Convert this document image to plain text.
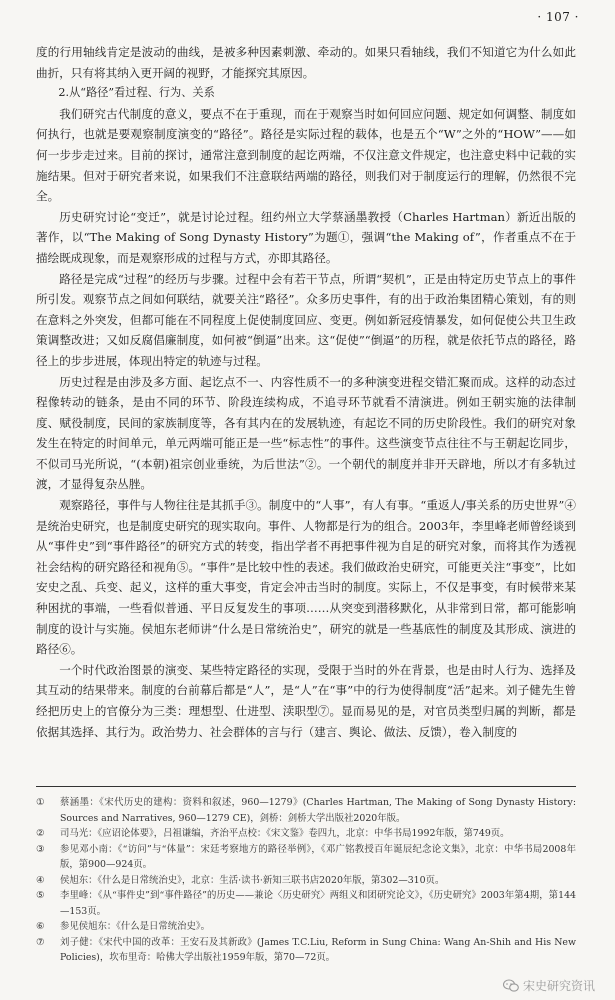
· 107 ·

度的行用轴线肯定是波动的曲线，是被多种因素刺激、牵动的。如果只看轴线，我们不知道它为什么如此曲折，只有将其纳入更开阔的视野，才能探究其原因。

2.从“路径”看过程、行为、关系

我们研究古代制度的意义，要点不在于重现，而在于观察当时如何回应问题、规定如何调整、制度如何执行，也就是要观察制度演变的“路径”。路径是实际过程的载体，也是五个“W”之外的“HOW”——如何一步步走过来。目前的探讨，通常注意到制度的起讫两端，不仅注意文件规定，也注意史料中记载的实施结果。但对于研究者来说，如果我们不注意联结两端的路径，则我们对于制度运行的理解，仍然很不完全。

历史研究讨论“变迁”，就是讨论过程。纽约州立大学蔡涵墨教授（Charles Hartman）新近出版的著作，以“The Making of Song Dynasty History”为题①，强调“the Making of”，作者重点不在于描绘既成现象，而是观察形成的过程与方式，亦即其路径。

路径是完成“过程”的经历与步骤。过程中会有若干节点，所谓“契机”，正是由特定历史节点上的事件所引发。观察节点之间如何联结，就要关注“路径”。众多历史事件，有的出于政治集团精心策划，有的则在意料之外突发，但都可能在不同程度上促使制度回应、变更。例如新冠疫情暴发，如何促使公共卫生政策调整改进；又如反腐倡廉制度，如何被“倒逼”出来。这“促使”“倒逼”的历程，就是依托节点的路径，路径上的步步进展，体现出特定的轨迹与过程。

历史过程是由涉及多方面、起讫点不一、内容性质不一的多种演变进程交错汇聚而成。这样的动态过程像转动的链条，是由不同的环节、阶段连续构成，不追寻环节就看不清演进。例如王朝实施的法律制度、赋役制度，民间的家族制度等，各有其内在的发展轨迹，有起讫不同的历史阶段性。我们的研究对象发生在特定的时间单元，单元两端可能正是一些“标志性”的事件。这些演变节点往往不与王朝起讫同步，不似司马光所说，“(本朝)祖宗创业垂统，为后世法”②。一个朝代的制度并非开天辟地，所以才有多轨过渡，才显得复杂丛脞。

观察路径，事件与人物往往是其抓手③。制度中的“人事”，有人有事。“重返人/事关系的历史世界”④是统治史研究，也是制度史研究的现实取向。事件、人物都是行为的组合。2003年，李里峰老师曾经谈到从“事件史”到“事件路径”的研究方式的转变，指出学者不再把事件视为自足的研究对象，而将其作为透视社会结构的研究路径和视角⑤。“事件”是比较中性的表述。我们做政治史研究，可能更关注“事变”，比如安史之乱、兵变、起义，这样的重大事变，肯定会冲击当时的制度。实际上，不仅是事变，有时候带来某种困扰的事端，一些看似普通、平日反复发生的事项……从突变到潜移默化，从非常到日常，都可能影响制度的设计与实施。侯旭东老师讲“什么是日常统治史”，研究的就是一些基底性的制度及其形成、演进的路径⑥。

一个时代政治图景的演变、某些特定路径的实现，受限于当时的外在背景，也是由时人行为、选择及其互动的结果带来。制度的台前幕后都是“人”，是“人”在“事”中的行为使得制度“活”起来。刘子健先生曾经把历史上的官僚分为三类：理想型、仕进型、渎职型⑦。显而易见的是，对官员类型归属的判断，都是依据其选择、其行为。政治势力、社会群体的言与行（建言、舆论、做法、反馈），卷入制度的

①	蔡涵墨：《宋代历史的建构：资料和叙述，960—1279》(Charles Hartman, The Making of Song Dynasty History: Sources and Narratives, 960—1279 CE)，剑桥：剑桥大学出版社2020年版。
②	司马光：《应诏论体要》，吕祖谦编，齐治平点校：《宋文鉴》卷四九，北京：中华书局1992年版，第749页。
③	参见邓小南：《“访问”与“体量”：宋廷考察地方的路径举例》，《邓广铭教授百年诞辰纪念论文集》，北京：中华书局2008年版，第900—924页。
④	侯旭东：《什么是日常统治史》，北京：生活·读书·新知三联书店2020年版，第302—310页。
⑤	李里峰：《从“事件史”到“事件路径”的历史——兼论〈历史研究〉两组义和团研究论文》，《历史研究》2003年第4期，第144—153页。
⑥	参见侯旭东：《什么是日常统治史》。
⑦	刘子健：《宋代中国的改革：王安石及其新政》(James T.C.Liu, Reform in Sung China: Wang An-Shih and His New Policies)，坎布里奇：哈佛大学出版社1959年版，第70—72页。
宋史研究资讯
